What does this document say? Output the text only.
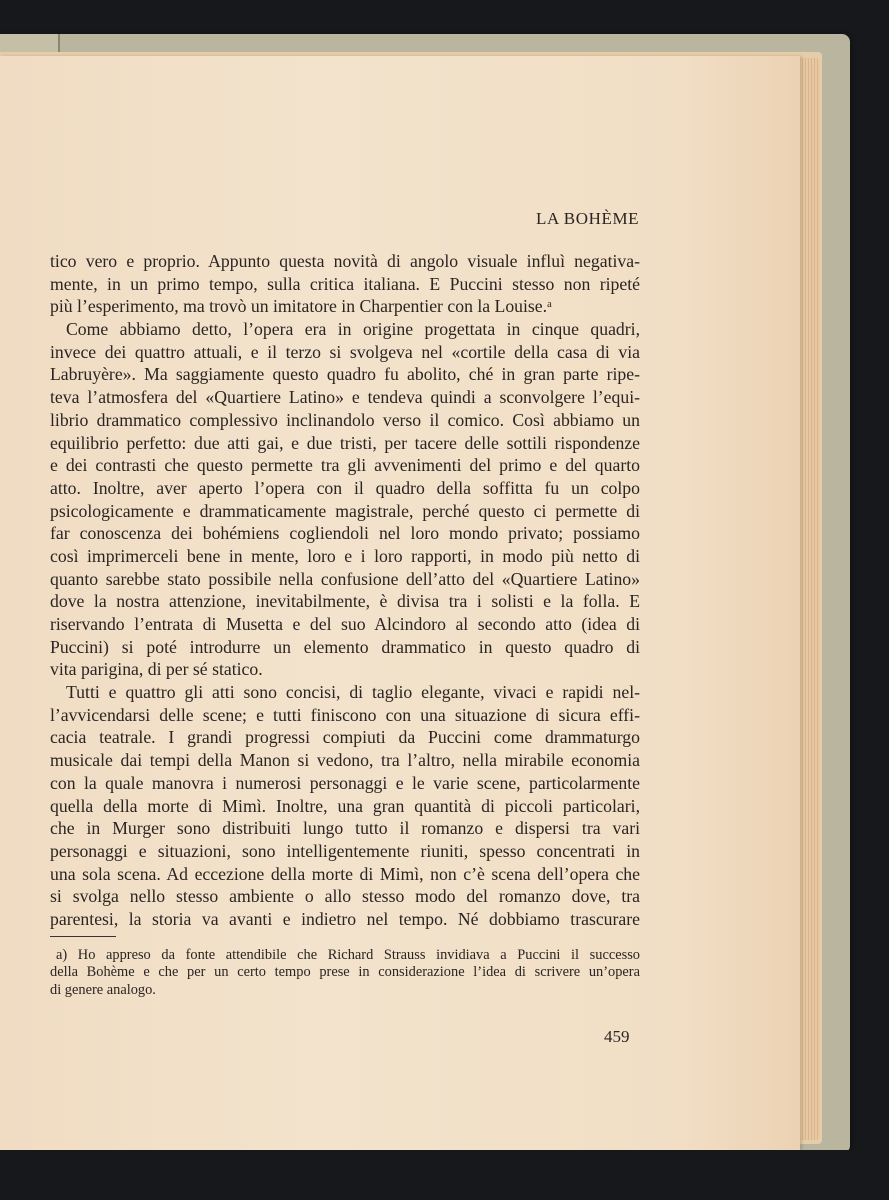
LA BOHÈME
tico vero e proprio. Appunto questa novità di angolo visuale influì negativa-
mente, in un primo tempo, sulla critica italiana. E Puccini stesso non ripeté
più l’esperimento, ma trovò un imitatore in Charpentier con la Louise.ᵃ
Come abbiamo detto, l’opera era in origine progettata in cinque quadri,
invece dei quattro attuali, e il terzo si svolgeva nel «cortile della casa di via
Labruyère». Ma saggiamente questo quadro fu abolito, ché in gran parte ripe-
teva l’atmosfera del «Quartiere Latino» e tendeva quindi a sconvolgere l’equi-
librio drammatico complessivo inclinandolo verso il comico. Così abbiamo un
equilibrio perfetto: due atti gai, e due tristi, per tacere delle sottili rispondenze
e dei contrasti che questo permette tra gli avvenimenti del primo e del quarto
atto. Inoltre, aver aperto l’opera con il quadro della soffitta fu un colpo
psicologicamente e drammaticamente magistrale, perché questo ci permette di
far conoscenza dei bohémiens cogliendoli nel loro mondo privato; possiamo
così imprimerceli bene in mente, loro e i loro rapporti, in modo più netto di
quanto sarebbe stato possibile nella confusione dell’atto del «Quartiere Latino»
dove la nostra attenzione, inevitabilmente, è divisa tra i solisti e la folla. E
riservando l’entrata di Musetta e del suo Alcindoro al secondo atto (idea di
Puccini) si poté introdurre un elemento drammatico in questo quadro di
vita parigina, di per sé statico.
Tutti e quattro gli atti sono concisi, di taglio elegante, vivaci e rapidi nel-
l’avvicendarsi delle scene; e tutti finiscono con una situazione di sicura effi-
cacia teatrale. I grandi progressi compiuti da Puccini come drammaturgo
musicale dai tempi della Manon si vedono, tra l’altro, nella mirabile economia
con la quale manovra i numerosi personaggi e le varie scene, particolarmente
quella della morte di Mimì. Inoltre, una gran quantità di piccoli particolari,
che in Murger sono distribuiti lungo tutto il romanzo e dispersi tra vari
personaggi e situazioni, sono intelligentemente riuniti, spesso concentrati in
una sola scena. Ad eccezione della morte di Mimì, non c’è scena dell’opera che
si svolga nello stesso ambiente o allo stesso modo del romanzo dove, tra
parentesi, la storia va avanti e indietro nel tempo. Né dobbiamo trascurare
a) Ho appreso da fonte attendibile che Richard Strauss invidiava a Puccini il successo
della Bohème e che per un certo tempo prese in considerazione l’idea di scrivere un’opera
di genere analogo.
459
